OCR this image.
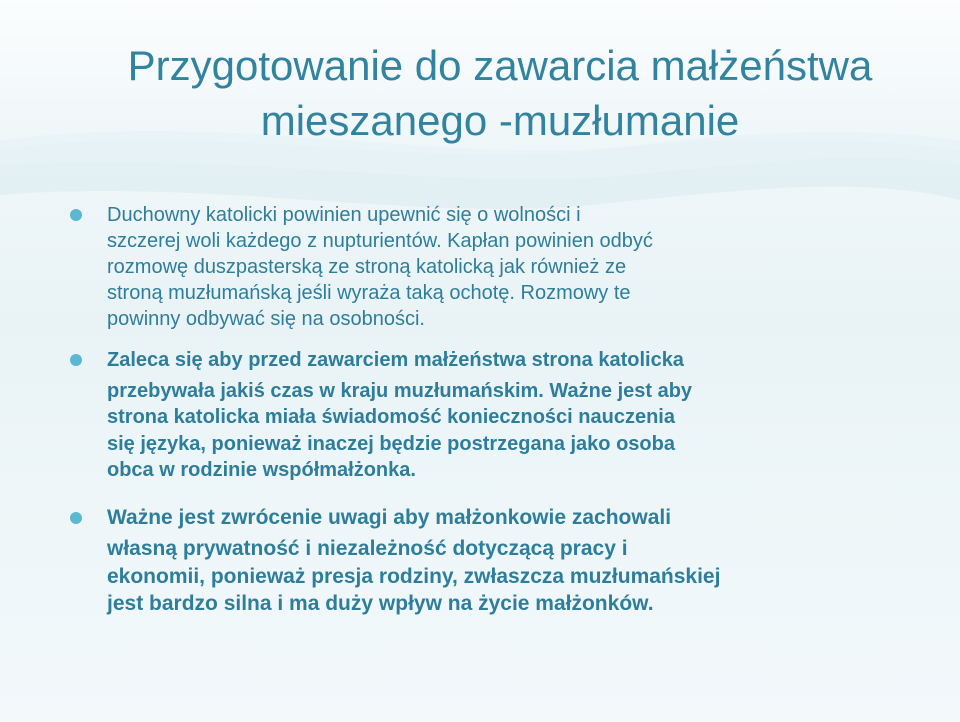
Przygotowanie do zawarcia małżeństwa
mieszanego -muzłumanie
Duchowny katolicki powinien upewnić się o wolności i
szczerej woli każdego z nupturientów. Kapłan powinien odbyć
rozmowę duszpasterską ze stroną katolicką jak również ze
stroną muzłumańską jeśli wyraża taką ochotę. Rozmowy te
powinny odbywać się na osobności.
Zaleca się aby przed zawarciem małżeństwa strona katolicka
przebywała jakiś czas w kraju muzłumańskim. Ważne jest aby
strona katolicka miała świadomość konieczności nauczenia
się języka, ponieważ inaczej będzie postrzegana jako osoba
obca w rodzinie współmałżonka.
Ważne jest zwrócenie uwagi aby małżonkowie zachowali
własną prywatność i niezależność dotyczącą pracy i
ekonomii, ponieważ presja rodziny, zwłaszcza muzłumańskiej
jest bardzo silna i ma duży wpływ na życie małżonków.
